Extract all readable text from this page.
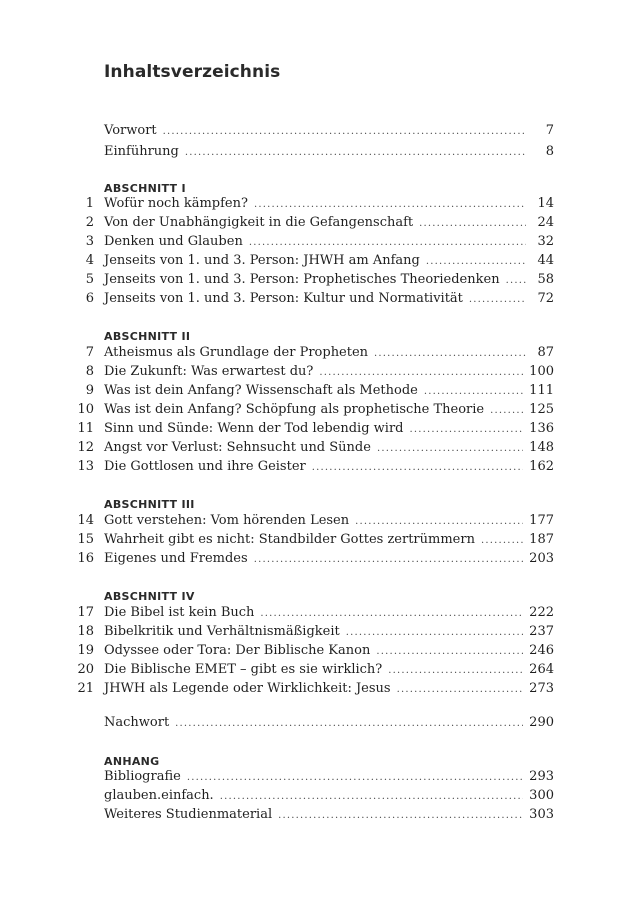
Inhaltsverzeichnis
Vorwort .....	7
Einführung .....	8
ABSCHNITT I
1 Wofür noch kämpfen? .....	14
2 Von der Unabhängigkeit in die Gefangenschaft .....	24
3 Denken und Glauben .....	32
4 Jenseits von 1. und 3. Person: JHWH am Anfang .....	44
5 Jenseits von 1. und 3. Person: Prophetisches Theoriedenken .....	58
6 Jenseits von 1. und 3. Person: Kultur und Normativität .....	72
ABSCHNITT II
7 Atheismus als Grundlage der Propheten .....	87
8 Die Zukunft: Was erwartest du? .....	100
9 Was ist dein Anfang? Wissenschaft als Methode .....	111
10 Was ist dein Anfang? Schöpfung als prophetische Theorie .....	125
11 Sinn und Sünde: Wenn der Tod lebendig wird .....	136
12 Angst vor Verlust: Sehnsucht und Sünde .....	148
13 Die Gottlosen und ihre Geister .....	162
ABSCHNITT III
14 Gott verstehen: Vom hörenden Lesen .....	177
15 Wahrheit gibt es nicht: Standbilder Gottes zertrümmern .....	187
16 Eigenes und Fremdes .....	203
ABSCHNITT IV
17 Die Bibel ist kein Buch .....	222
18 Bibelkritik und Verhältnismäßigkeit .....	237
19 Odyssee oder Tora: Der Biblische Kanon .....	246
20 Die Biblische EMET – gibt es sie wirklich? .....	264
21 JHWH als Legende oder Wirklichkeit: Jesus .....	273
Nachwort .....	290
ANHANG
Bibliografie .....	293
glauben.einfach. .....	300
Weiteres Studienmaterial .....	303
